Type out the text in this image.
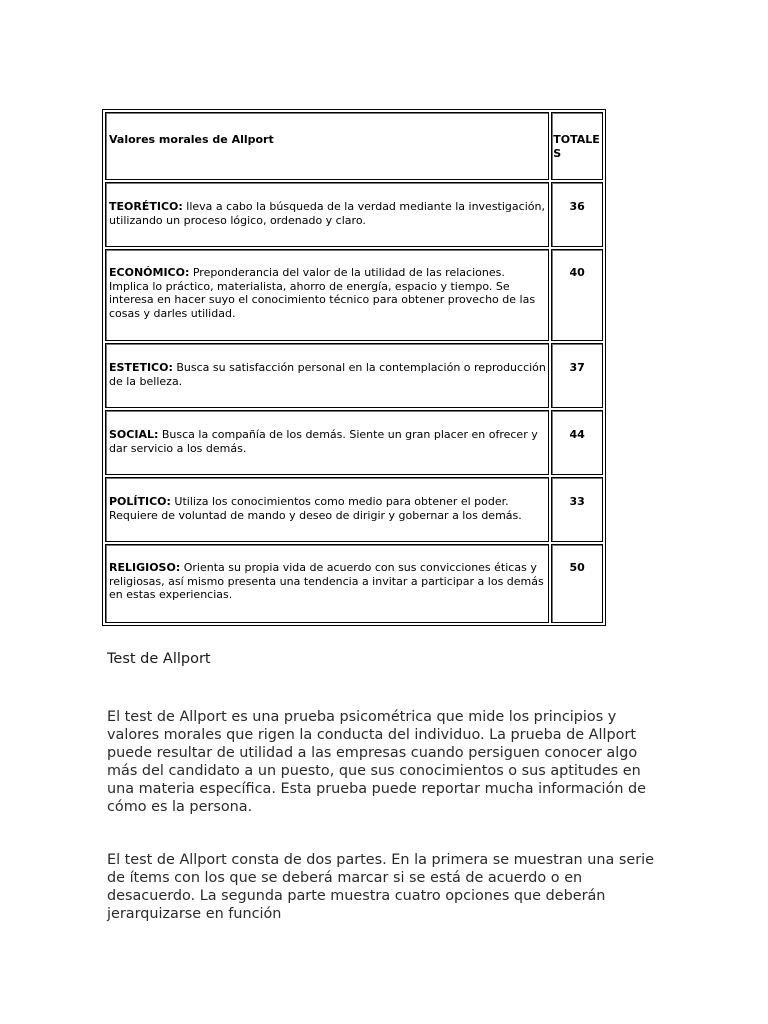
Valores morales de Allport	TOTALES

TEORÉTICO: lleva a cabo la búsqueda de la verdad mediante la investigación, utilizando un proceso lógico, ordenado y claro.	36

ECONÓMICO: Preponderancia del valor de la utilidad de las relaciones. Implica lo práctico, materialista, ahorro de energía, espacio y tiempo. Se interesa en hacer suyo el conocimiento técnico para obtener provecho de las cosas y darles utilidad.	40

ESTETICO: Busca su satisfacción personal en la contemplación o reproducción de la belleza.	37

SOCIAL: Busca la compañía de los demás. Siente un gran placer en ofrecer y dar servicio a los demás.	44

POLÍTICO: Utiliza los conocimientos como medio para obtener el poder. Requiere de voluntad de mando y deseo de dirigir y gobernar a los demás.	33

RELIGIOSO: Orienta su propia vida de acuerdo con sus convicciones éticas y religiosas, así mismo presenta una tendencia a invitar a participar a los demás en estas experiencias.	50
Test de Allport

El test de Allport es una prueba psicométrica que mide los principios y valores morales que rigen la conducta del individuo. La prueba de Allport puede resultar de utilidad a las empresas cuando persiguen conocer algo más del candidato a un puesto, que sus conocimientos o sus aptitudes en una materia específica. Esta prueba puede reportar mucha información de cómo es la persona.

El test de Allport consta de dos partes. En la primera se muestran una serie de ítems con los que se deberá marcar si se está de acuerdo o en desacuerdo. La segunda parte muestra cuatro opciones que deberán jerarquizarse en función
